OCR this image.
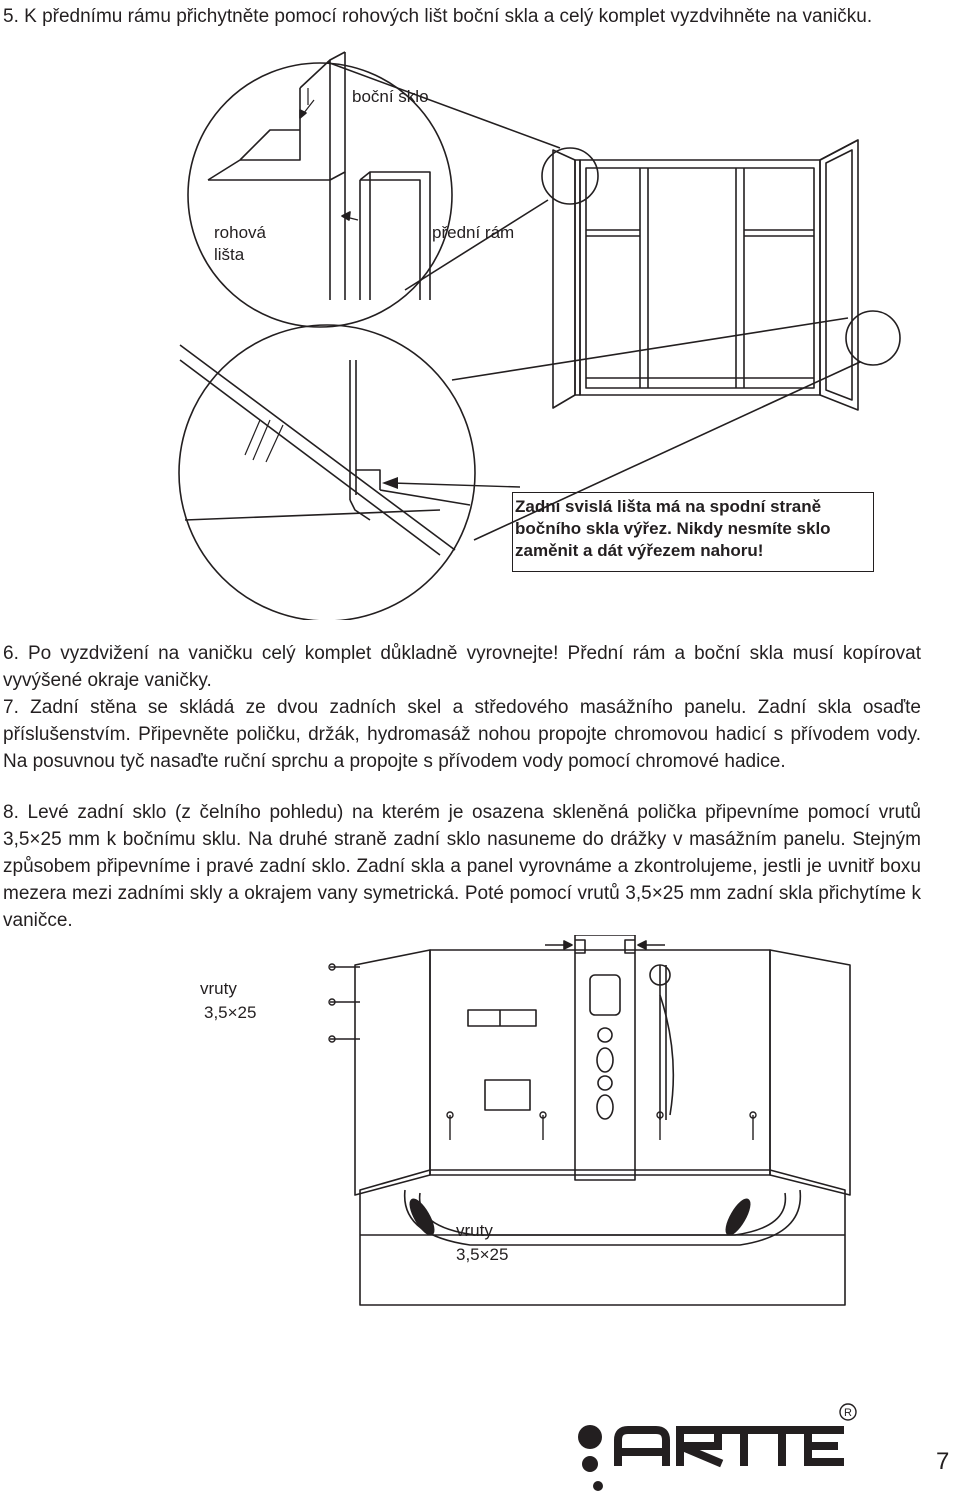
5. K přednímu rámu přichytněte pomocí rohových lišt boční skla a celý komplet vyzdvihněte na vaničku.

boční sklo
rohová
lišta
přední rám
Zadní svislá lišta má na spodní straně bočního skla výřez. Nikdy nesmíte sklo zaměnit a dát výřezem nahoru!

6. Po vyzdvižení na vaničku celý komplet důkladně vyrovnejte! Přední rám a boční skla musí kopírovat vyvýšené okraje vaničky.

7. Zadní stěna se skládá ze dvou zadních skel a středového masážního panelu. Zadní skla osaďte příslušenstvím. Připevněte poličku, držák, hydromasáž nohou propojte chromovou hadicí s přívodem vody. Na posuvnou tyč nasaďte ruční sprchu a propojte s přívodem vody pomocí chromové hadice.

8. Levé zadní sklo (z čelního pohledu) na kterém je osazena skleněná polička připevníme pomocí vrutů 3,5×25 mm k bočnímu sklu. Na druhé straně zadní sklo nasuneme do drážky v masážním panelu. Stejným způsobem připevníme i pravé zadní sklo. Zadní skla a panel vyrovnáme a zkontrolujeme, jestli je uvnitř boxu mezera mezi zadními skly a okrajem vany symetrická. Poté pomocí vrutů 3,5×25 mm zadní skla přichytíme k vaničce.

vruty
3,5×25
vruty
3,5×25
R
7
